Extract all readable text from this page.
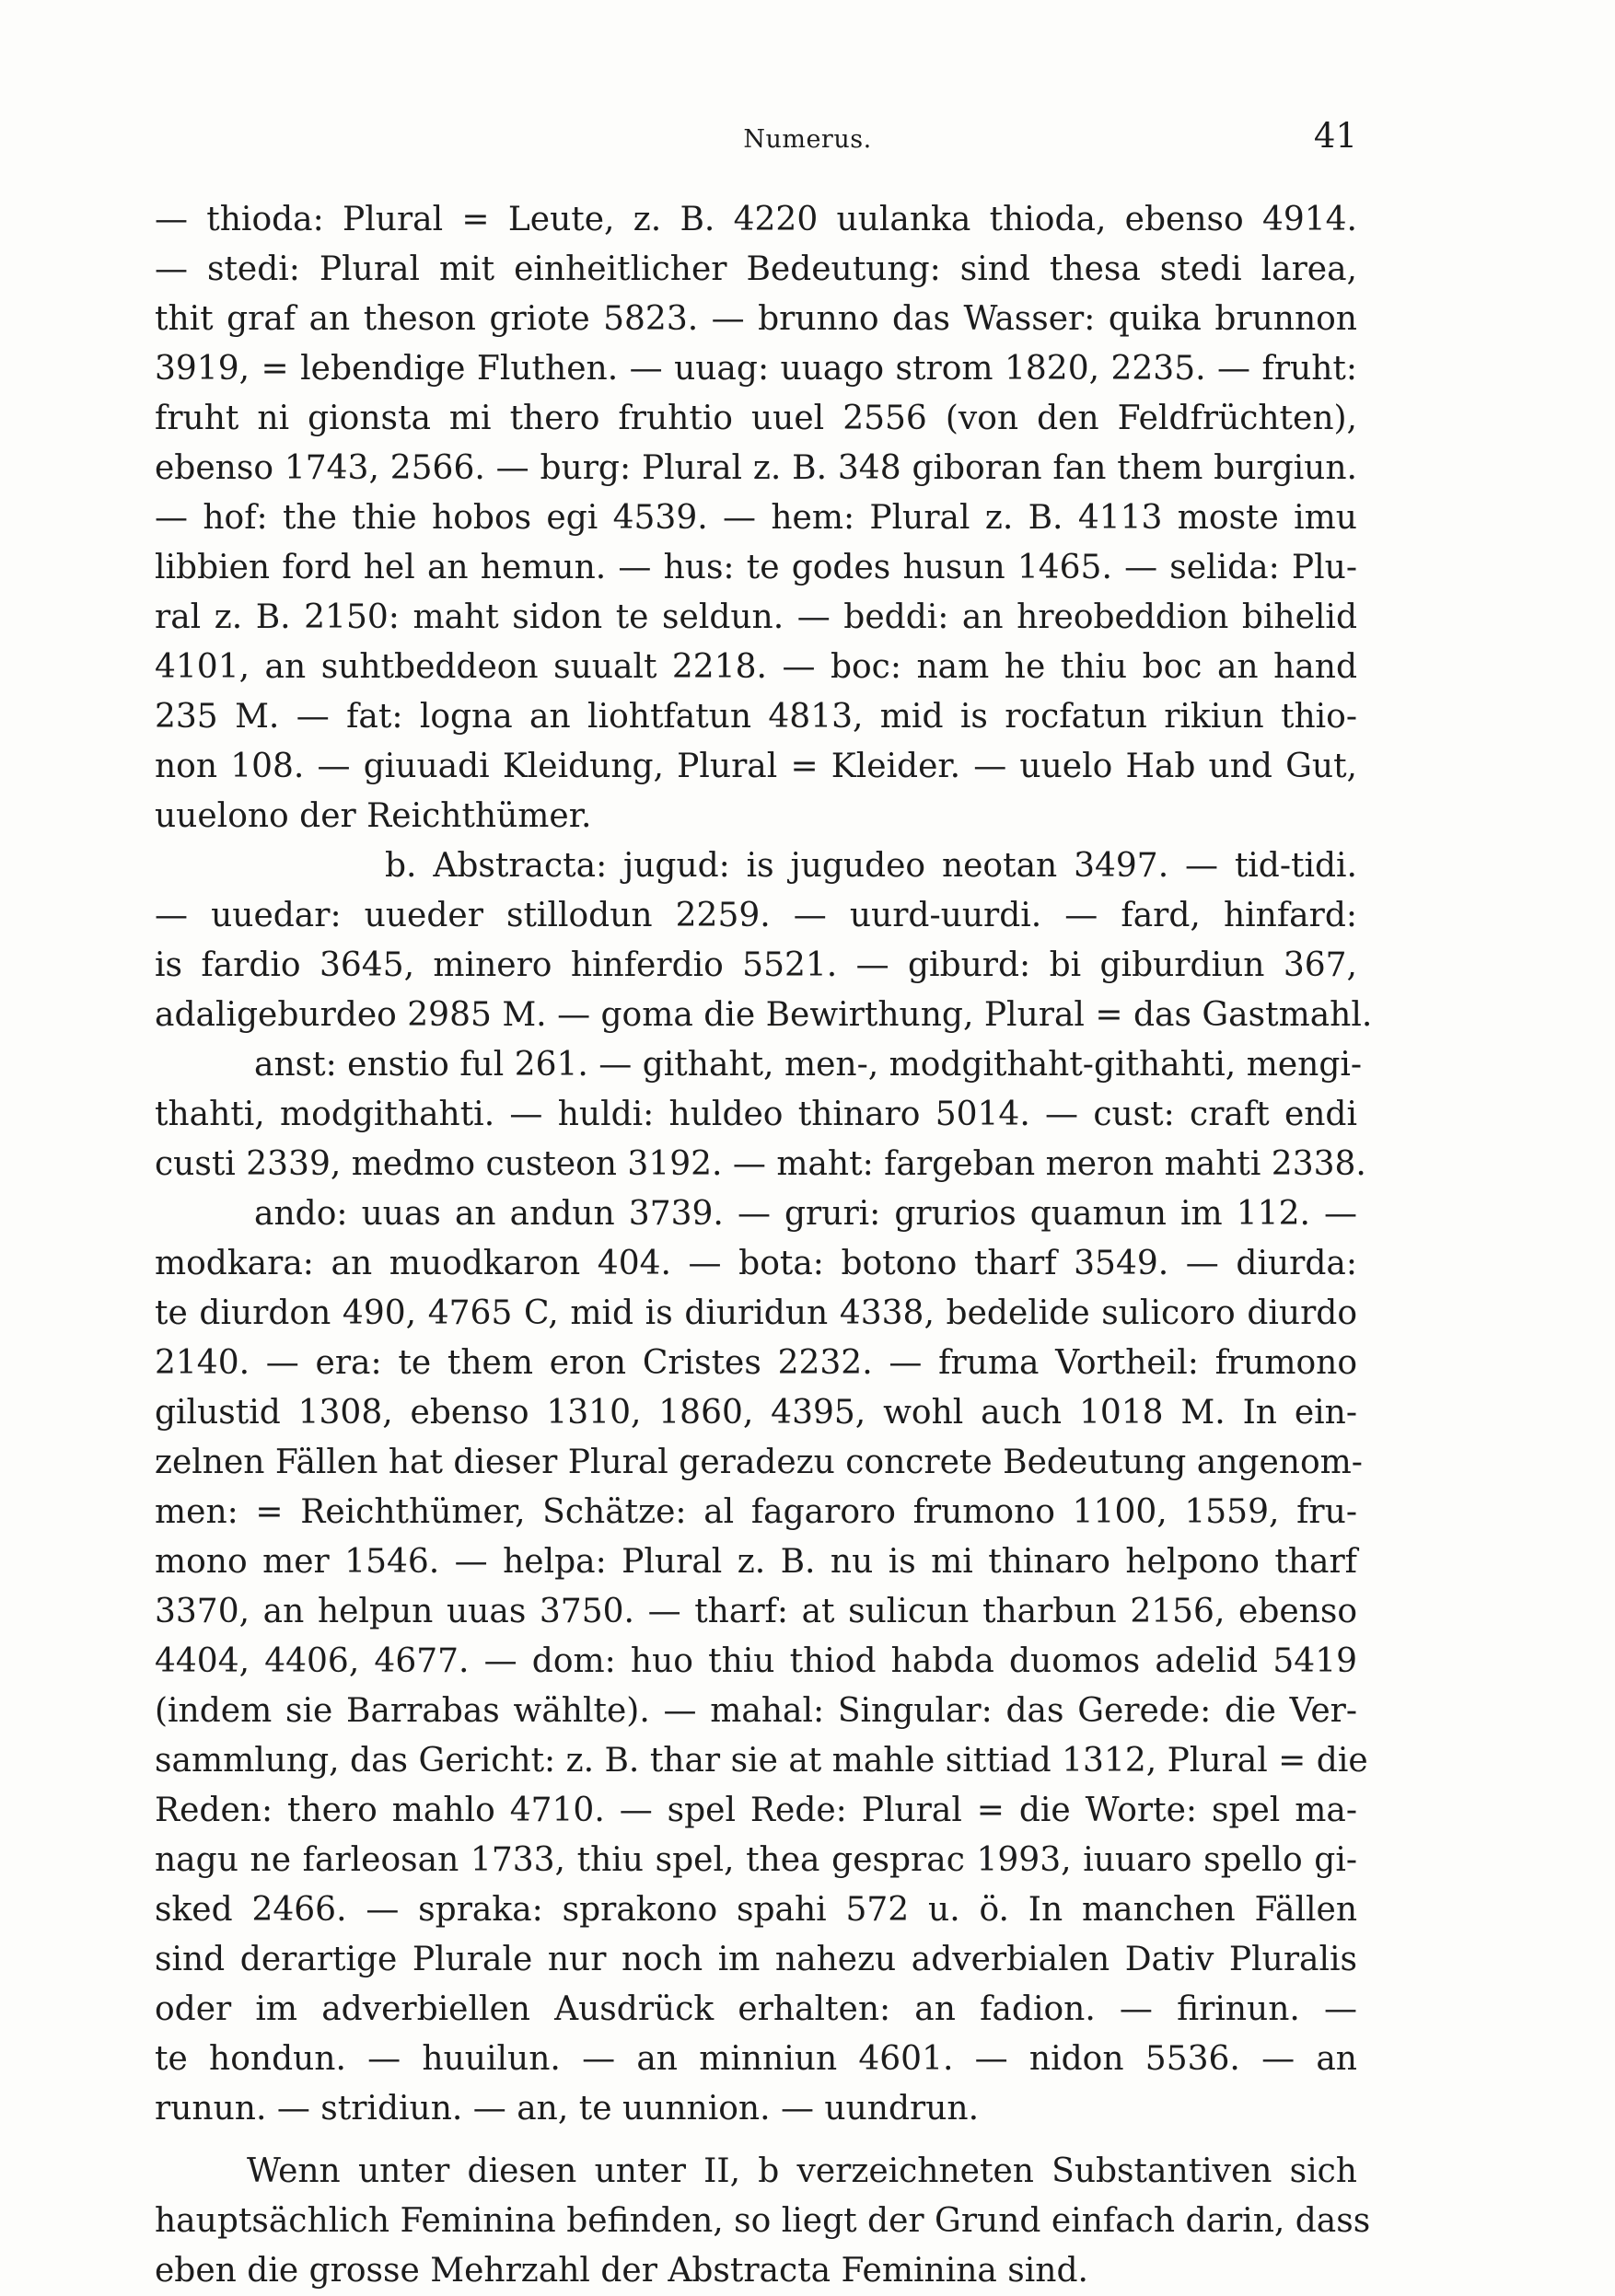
Numerus.	41
— thioda: Plural = Leute, z. B. 4220 uulanka thioda, ebenso 4914.
— stedi: Plural mit einheitlicher Bedeutung: sind thesa stedi larea,
thit graf an theson griote 5823. — brunno das Wasser: quika brunnon
3919, = lebendige Fluthen. — uuag: uuago strom 1820, 2235. — fruht:
fruht ni gionsta mi thero fruhtio uuel 2556 (von den Feldfrüchten),
ebenso 1743, 2566. — burg: Plural z. B. 348 giboran fan them burgiun.
— hof: the thie hobos egi 4539. — hem: Plural z. B. 4113 moste imu
libbien ford hel an hemun. — hus: te godes husun 1465. — selida: Plu-
ral z. B. 2150: maht sidon te seldun. — beddi: an hreobeddion bihelid
4101, an suhtbeddeon suualt 2218. — boc: nam he thiu boc an hand
235 M. — fat: logna an liohtfatun 4813, mid is rocfatun rikiun thio-
non 108. — giuuadi Kleidung, Plural = Kleider. — uuelo Hab und Gut,
uuelono der Reichthümer.
b. Abstracta: jugud: is jugudeo neotan 3497. — tid-tidi.
— uuedar: uueder stillodun 2259. — uurd-uurdi. — fard, hinfard:
is fardio 3645, minero hinferdio 5521. — giburd: bi giburdiun 367,
adaligeburdeo 2985 M. — goma die Bewirthung, Plural = das Gastmahl.
anst: enstio ful 261. — githaht, men-, modgithaht-githahti, mengi-
thahti, modgithahti. — huldi: huldeo thinaro 5014. — cust: craft endi
custi 2339, medmo custeon 3192. — maht: fargeban meron mahti 2338.
ando: uuas an andun 3739. — gruri: grurios quamun im 112. —
modkara: an muodkaron 404. — bota: botono tharf 3549. — diurda:
te diurdon 490, 4765 C, mid is diuridun 4338, bedelide sulicoro diurdo
2140. — era: te them eron Cristes 2232. — fruma Vortheil: frumono
gilustid 1308, ebenso 1310, 1860, 4395, wohl auch 1018 M. In ein-
zelnen Fällen hat dieser Plural geradezu concrete Bedeutung angenom-
men: = Reichthümer, Schätze: al fagaroro frumono 1100, 1559, fru-
mono mer 1546. — helpa: Plural z. B. nu is mi thinaro helpono tharf
3370, an helpun uuas 3750. — tharf: at sulicun tharbun 2156, ebenso
4404, 4406, 4677. — dom: huo thiu thiod habda duomos adelid 5419
(indem sie Barrabas wählte). — mahal: Singular: das Gerede: die Ver-
sammlung, das Gericht: z. B. thar sie at mahle sittiad 1312, Plural = die
Reden: thero mahlo 4710. — spel Rede: Plural = die Worte: spel ma-
nagu ne farleosan 1733, thiu spel, thea gesprac 1993, iuuaro spello gi-
sked 2466. — spraka: sprakono spahi 572 u. ö. In manchen Fällen
sind derartige Plurale nur noch im nahezu adverbialen Dativ Pluralis
oder im adverbiellen Ausdrück erhalten: an fadion. — firinun. —
te hondun. — huuilun. — an minniun 4601. — nidon 5536. — an
runun. — stridiun. — an, te uunnion. — uundrun.
Wenn unter diesen unter II, b verzeichneten Substantiven sich
hauptsächlich Feminina befinden, so liegt der Grund einfach darin, dass
eben die grosse Mehrzahl der Abstracta Feminina sind.
